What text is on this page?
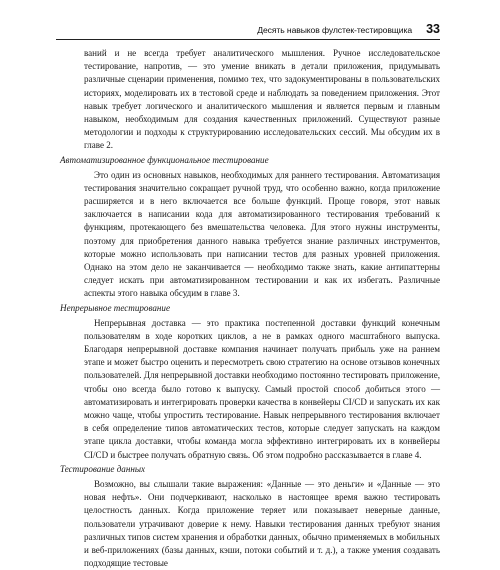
Десять навыков фулстек-тестировщика 33

ваний и не всегда требует аналитического мышления. Ручное исследовательское тестирование, напротив, — это умение вникать в детали приложения, придумывать различные сценарии применения, помимо тех, что задокументированы в пользовательских историях, моделировать их в тестовой среде и наблюдать за поведением приложения. Этот навык требует логического и аналитического мышления и является первым и главным навыком, необходимым для создания качественных приложений. Существуют разные методологии и подходы к структурированию исследовательских сессий. Мы обсудим их в главе 2.

Автоматизированное функциональное тестирование

Это один из основных навыков, необходимых для раннего тестирования. Автоматизация тестирования значительно сокращает ручной труд, что особенно важно, когда приложение расширяется и в него включается все больше функций. Проще говоря, этот навык заключается в написании кода для автоматизированного тестирования требований к функциям, протекающего без вмешательства человека. Для этого нужны инструменты, поэтому для приобретения данного навыка требуется знание различных инструментов, которые можно использовать при написании тестов для разных уровней приложения. Однако на этом дело не заканчивается — необходимо также знать, какие антипаттерны следует искать при автоматизированном тестировании и как их избегать. Различные аспекты этого навыка обсудим в главе 3.

Непрерывное тестирование

Непрерывная доставка — это практика постепенной доставки функций конечным пользователям в ходе коротких циклов, а не в рамках одного масштабного выпуска. Благодаря непрерывной доставке компания начинает получать прибыль уже на раннем этапе и может быстро оценить и пересмотреть свою стратегию на основе отзывов конечных пользователей. Для непрерывной доставки необходимо постоянно тестировать приложение, чтобы оно всегда было готово к выпуску. Самый простой способ добиться этого — автоматизировать и интегрировать проверки качества в конвейеры CI/CD и запускать их как можно чаще, чтобы упростить тестирование. Навык непрерывного тестирования включает в себя определение типов автоматических тестов, которые следует запускать на каждом этапе цикла доставки, чтобы команда могла эффективно интегрировать их в конвейеры CI/CD и быстрее получать обратную связь. Об этом подробно рассказывается в главе 4.

Тестирование данных

Возможно, вы слышали такие выражения: «Данные — это деньги» и «Данные — это новая нефть». Они подчеркивают, насколько в настоящее время важно тестировать целостность данных. Когда приложение теряет или показывает неверные данные, пользователи утрачивают доверие к нему. Навыки тестирования данных требуют знания различных типов систем хранения и обработки данных, обычно применяемых в мобильных и веб-приложениях (базы данных, кэши, потоки событий и т. д.), а также умения создавать подходящие тестовые
